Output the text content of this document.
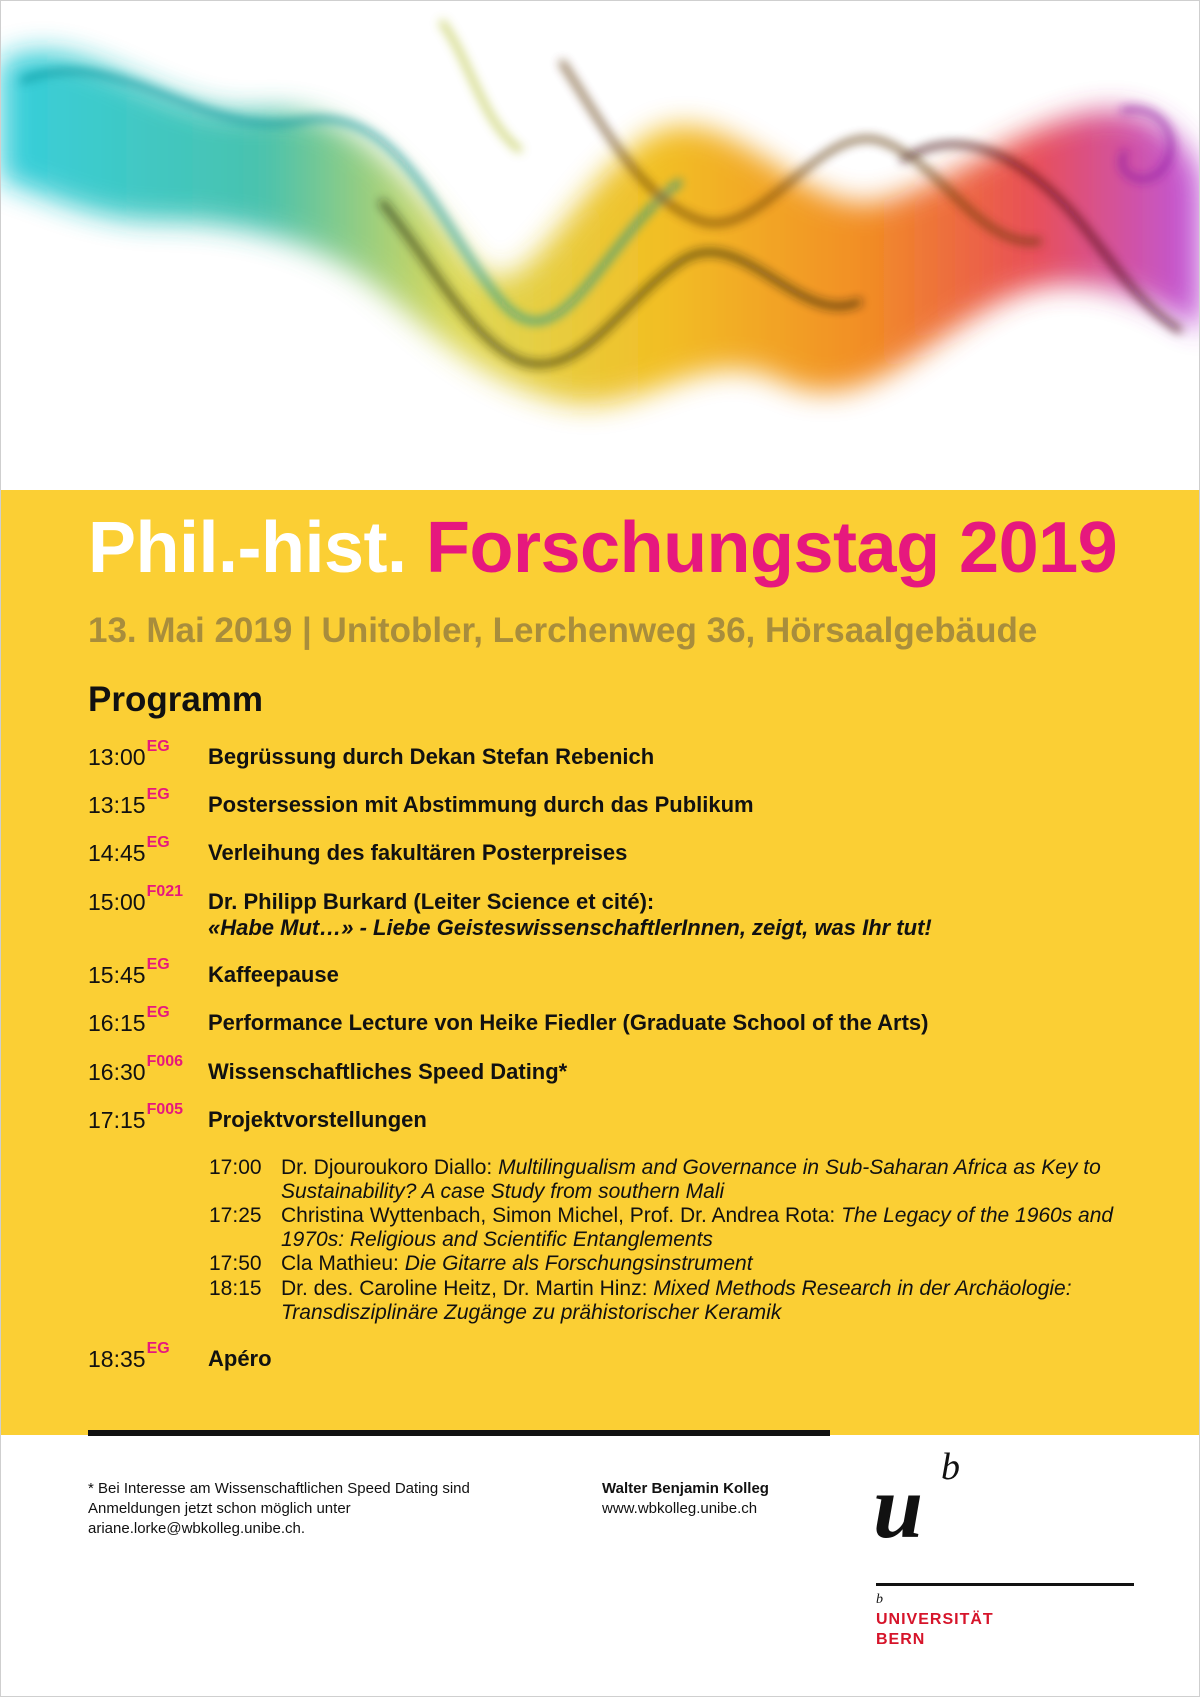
Phil.-hist. Forschungstag 2019
13. Mai 2019 | Unitobler, Lerchenweg 36, Hörsaalgebäude
Programm
$13:00^{EG}$ Begrüssung durch Dekan Stefan Rebenich
$13:15^{EG}$ Postersession mit Abstimmung durch das Publikum
$14:45^{EG}$ Verleihung des fakultären Posterpreises
$15:00^{F021}$ Dr. Philipp Burkard (Leiter Science et cité):
«Habe Mut…» - Liebe GeisteswissenschaftlerInnen, zeigt, was Ihr tut!
$15:45^{EG}$ Kaffeepause
$16:15^{EG}$ Performance Lecture von Heike Fiedler (Graduate School of the Arts)
$16:30^{F006}$ Wissenschaftliches Speed Dating*
$17:15^{F005}$ Projektvorstellungen
17:00 Dr. Djouroukoro Diallo: Multilingualism and Governance in Sub-Saharan Africa as Key to Sustainability? A case Study from southern Mali
17:25 Christina Wyttenbach, Simon Michel, Prof. Dr. Andrea Rota: The Legacy of the 1960s and 1970s: Religious and Scientific Entanglements
17:50 Cla Mathieu: Die Gitarre als Forschungsinstrument
18:15 Dr. des. Caroline Heitz, Dr. Martin Hinz: Mixed Methods Research in der Archäologie: Transdisziplinäre Zugänge zu prähistorischer Keramik
$18:35^{EG}$ Apéro
* Bei Interesse am Wissenschaftlichen Speed Dating sind
Anmeldungen jetzt schon möglich unter
ariane.lorke@wbkolleg.unibe.ch.
Walter Benjamin Kolleg
www.wbkolleg.unibe.ch	u b
b
UNIVERSITÄT
BERN
